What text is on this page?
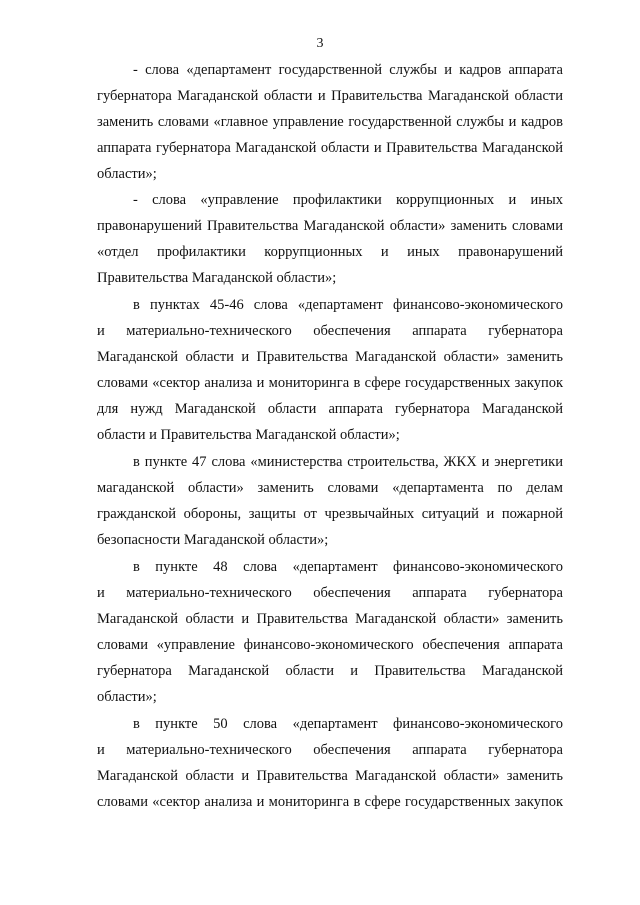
3
- слова «департамент государственной службы и кадров аппарата
губернатора Магаданской области и Правительства Магаданской области
заменить словами «главное управление государственной службы и кадров
аппарата губернатора Магаданской области и Правительства Магаданской
области»;
- слова «управление профилактики коррупционных и иных
правонарушений Правительства Магаданской области» заменить словами
«отдел профилактики коррупционных и иных правонарушений
Правительства Магаданской области»;
в пунктах 45-46 слова «департамент финансово-экономического
и материально-технического обеспечения аппарата губернатора
Магаданской области и Правительства Магаданской области» заменить
словами «сектор анализа и мониторинга в сфере государственных закупок
для нужд Магаданской области аппарата губернатора Магаданской
области и Правительства Магаданской области»;
в пункте 47 слова «министерства строительства, ЖКХ и энергетики
магаданской области» заменить словами «департамента по делам
гражданской обороны, защиты от чрезвычайных ситуаций и пожарной
безопасности Магаданской области»;
в пункте 48 слова «департамент финансово-экономического
и материально-технического обеспечения аппарата губернатора
Магаданской области и Правительства Магаданской области» заменить
словами «управление финансово-экономического обеспечения аппарата
губернатора Магаданской области и Правительства Магаданской
области»;
в пункте 50 слова «департамент финансово-экономического
и материально-технического обеспечения аппарата губернатора
Магаданской области и Правительства Магаданской области» заменить
словами «сектор анализа и мониторинга в сфере государственных закупок
